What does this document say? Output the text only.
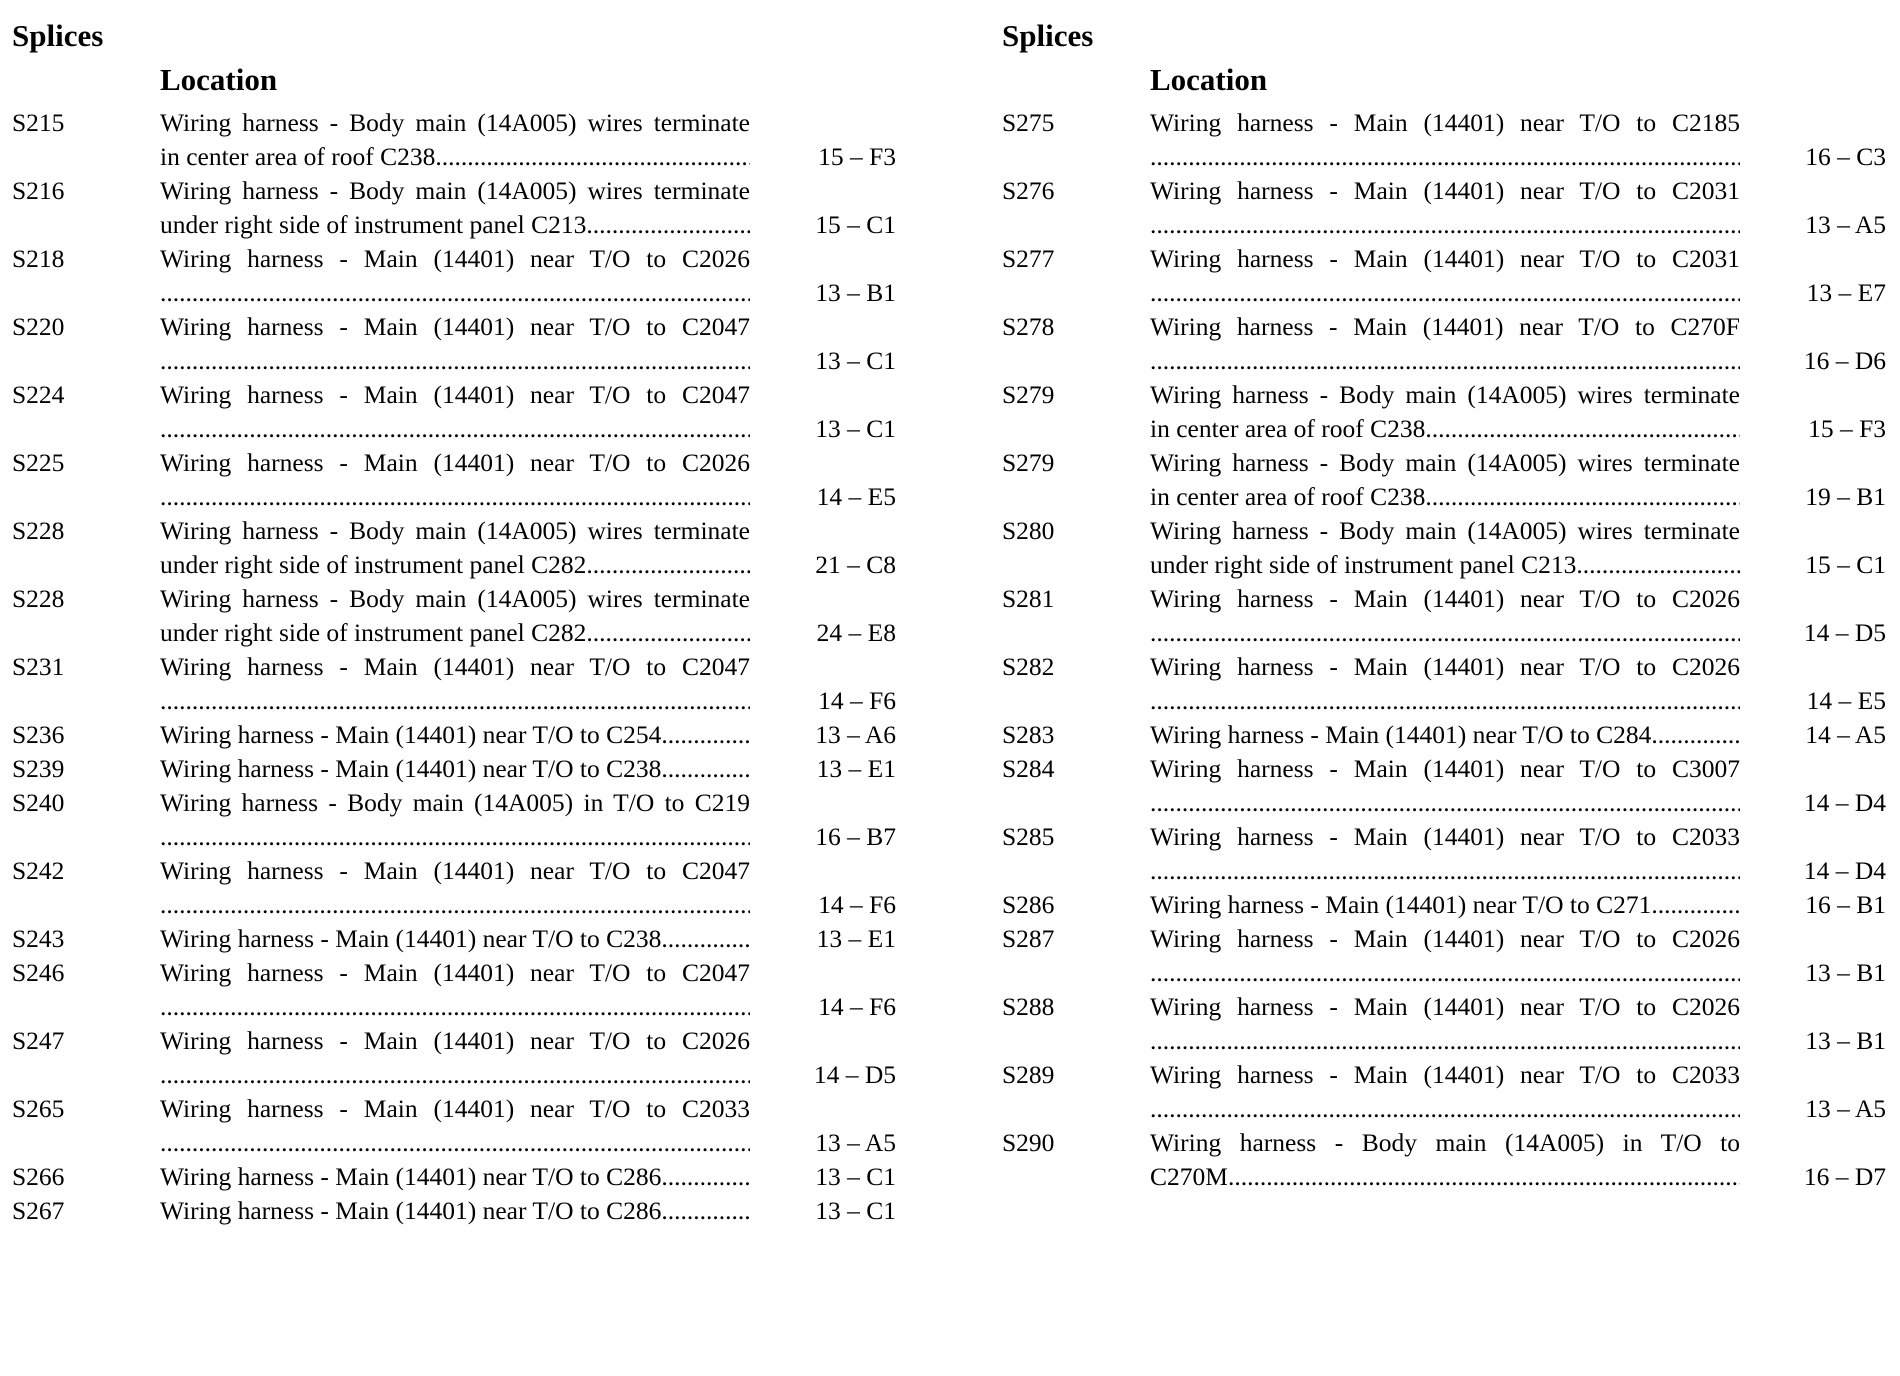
Splices
Location
S215	Wiring harness - Body main (14A005) wires terminate
in center area of roof C238 .....	15 – F3
S216	Wiring harness - Body main (14A005) wires terminate
under right side of instrument panel C213 .....	15 – C1
S218	Wiring harness - Main (14401) near T/O to C2026
.....
13 – B1
S220	Wiring harness - Main (14401) near T/O to C2047
.....
13 – C1
S224	Wiring harness - Main (14401) near T/O to C2047
.....
13 – C1
S225	Wiring harness - Main (14401) near T/O to C2026
.....
14 – E5
S228	Wiring harness - Body main (14A005) wires terminate
under right side of instrument panel C282 .....	21 – C8
S228	Wiring harness - Body main (14A005) wires terminate
under right side of instrument panel C282 .....	24 – E8
S231	Wiring harness - Main (14401) near T/O to C2047
.....
14 – F6
S236	Wiring harness - Main (14401) near T/O to C254 .....	13 – A6
S239	Wiring harness - Main (14401) near T/O to C238 .....	13 – E1
S240	Wiring harness - Body main (14A005) in T/O to C219
.....
16 – B7
S242	Wiring harness - Main (14401) near T/O to C2047
.....
14 – F6
S243	Wiring harness - Main (14401) near T/O to C238 .....	13 – E1
S246	Wiring harness - Main (14401) near T/O to C2047
.....
14 – F6
S247	Wiring harness - Main (14401) near T/O to C2026
.....
14 – D5
S265	Wiring harness - Main (14401) near T/O to C2033
.....
13 – A5
S266	Wiring harness - Main (14401) near T/O to C286 .....	13 – C1
S267	Wiring harness - Main (14401) near T/O to C286 .....	13 – C1
Splices
Location
S275	Wiring harness - Main (14401) near T/O to C2185
.....
16 – C3
S276	Wiring harness - Main (14401) near T/O to C2031
.....
13 – A5
S277	Wiring harness - Main (14401) near T/O to C2031
.....
13 – E7
S278	Wiring harness - Main (14401) near T/O to C270F
.....
16 – D6
S279	Wiring harness - Body main (14A005) wires terminate
in center area of roof C238 .....	15 – F3
S279	Wiring harness - Body main (14A005) wires terminate
in center area of roof C238 .....	19 – B1
S280	Wiring harness - Body main (14A005) wires terminate
under right side of instrument panel C213 .....	15 – C1
S281	Wiring harness - Main (14401) near T/O to C2026
.....
14 – D5
S282	Wiring harness - Main (14401) near T/O to C2026
.....
14 – E5
S283	Wiring harness - Main (14401) near T/O to C284 .....	14 – A5
S284	Wiring harness - Main (14401) near T/O to C3007
.....
14 – D4
S285	Wiring harness - Main (14401) near T/O to C2033
.....
14 – D4
S286	Wiring harness - Main (14401) near T/O to C271 .....	16 – B1
S287	Wiring harness - Main (14401) near T/O to C2026
.....
13 – B1
S288	Wiring harness - Main (14401) near T/O to C2026
.....
13 – B1
S289	Wiring harness - Main (14401) near T/O to C2033
.....
13 – A5
S290	Wiring harness - Body main (14A005) in T/O to
C270M .....	16 – D7
